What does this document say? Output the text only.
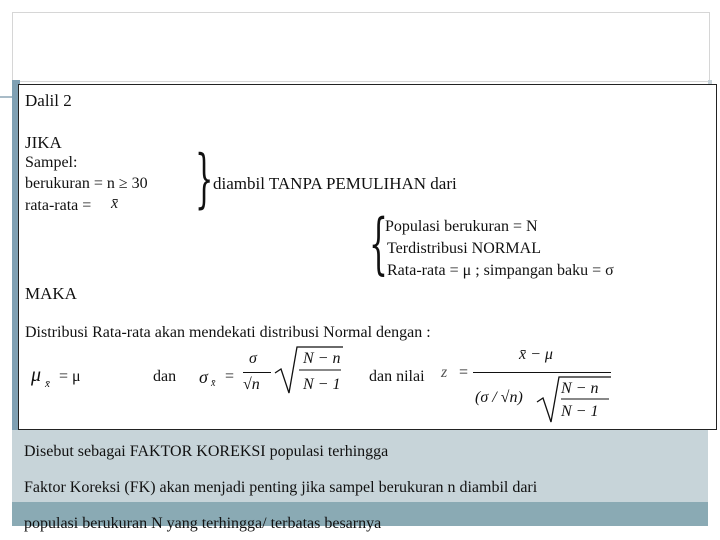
Dalil 2
JIKA
Sampel:
berukuran = n ≥ 30
rata-rata = x̄ } diambil TANPA PEMULIHAN dari
{
Populasi berukuran = N
Terdistribusi NORMAL
Rata-rata = μ ; simpangan baku = σ
MAKA
Distribusi Rata-rata akan mendekati distribusi Normal dengan :
μ x̄ = μ	dan σ x̄ =
σ
√n
N − n
N − 1 dan nilai z =
x̄ − μ
(σ / √n)
N − n
N − 1
Disebut sebagai FAKTOR KOREKSI populasi terhingga
Faktor Koreksi (FK) akan menjadi penting jika sampel berukuran n diambil dari
populasi berukuran N yang terhingga/ terbatas besarnya
